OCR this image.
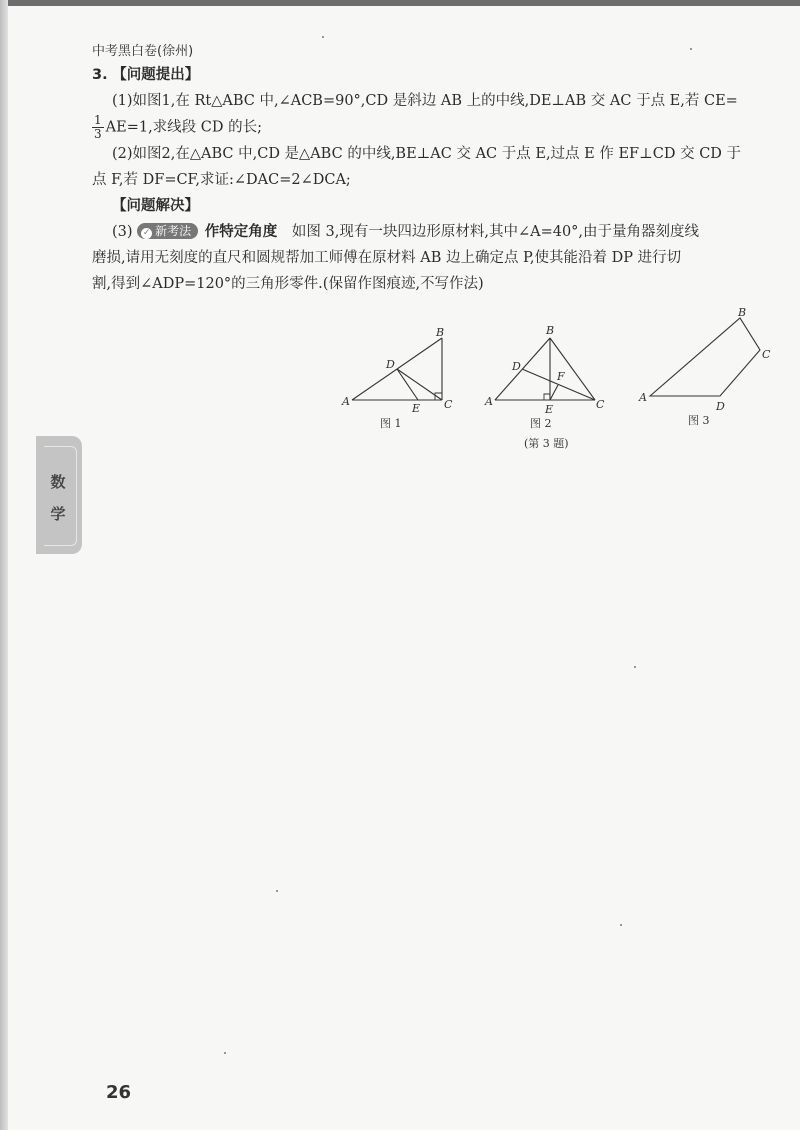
中考黑白卷(徐州)
3. 【问题提出】
(1)如图1,在 Rt△ABC 中,∠ACB=90°,CD 是斜边 AB 上的中线,DE⊥AB 交 AC 于点 E,若 CE=
$\frac{1}{3} AE=1$,求线段 CD 的长;
(2)如图2,在△ABC 中,CD 是△ABC 的中线,BE⊥AC 交 AC 于点 E,过点 E 作 EF⊥CD 交 CD 于
点 F,若 DF=CF,求证:∠DAC=2∠DCA;
【问题解决】
(3) ✓ 新考法 作特定角度 如图 3,现有一块四边形原材料,其中∠A=40°,由于量角器刻度线
磨损,请用无刻度的直尺和圆规帮加工师傅在原材料 AB 边上确定点 P,使其能沿着 DP 进行切
割,得到∠ADP=120°的三角形零件.(保留作图痕迹,不写作法)
A
B
C
D
E
图 1
A
B
C
D
E
F
图 2
(第 3 题)
A
B
C
D
图 3
数
学
26
